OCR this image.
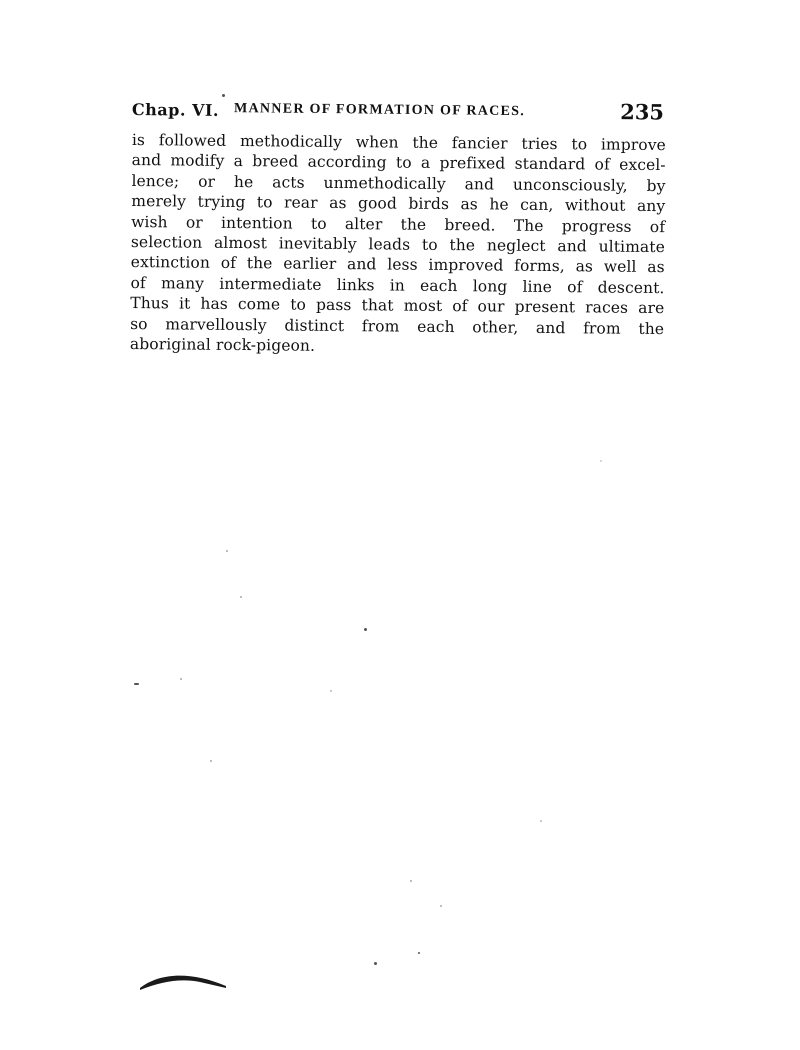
Chap. VI. MANNER OF FORMATION OF RACES.	235
is followed methodically when the fancier tries to improve
and modify a breed according to a prefixed standard of excel-
lence; or he acts unmethodically and unconsciously, by
merely trying to rear as good birds as he can, without any
wish or intention to alter the breed. The progress of
selection almost inevitably leads to the neglect and ultimate
extinction of the earlier and less improved forms, as well as
of many intermediate links in each long line of descent.
Thus it has come to pass that most of our present races are
so marvellously distinct from each other, and from the
aboriginal rock-pigeon.
